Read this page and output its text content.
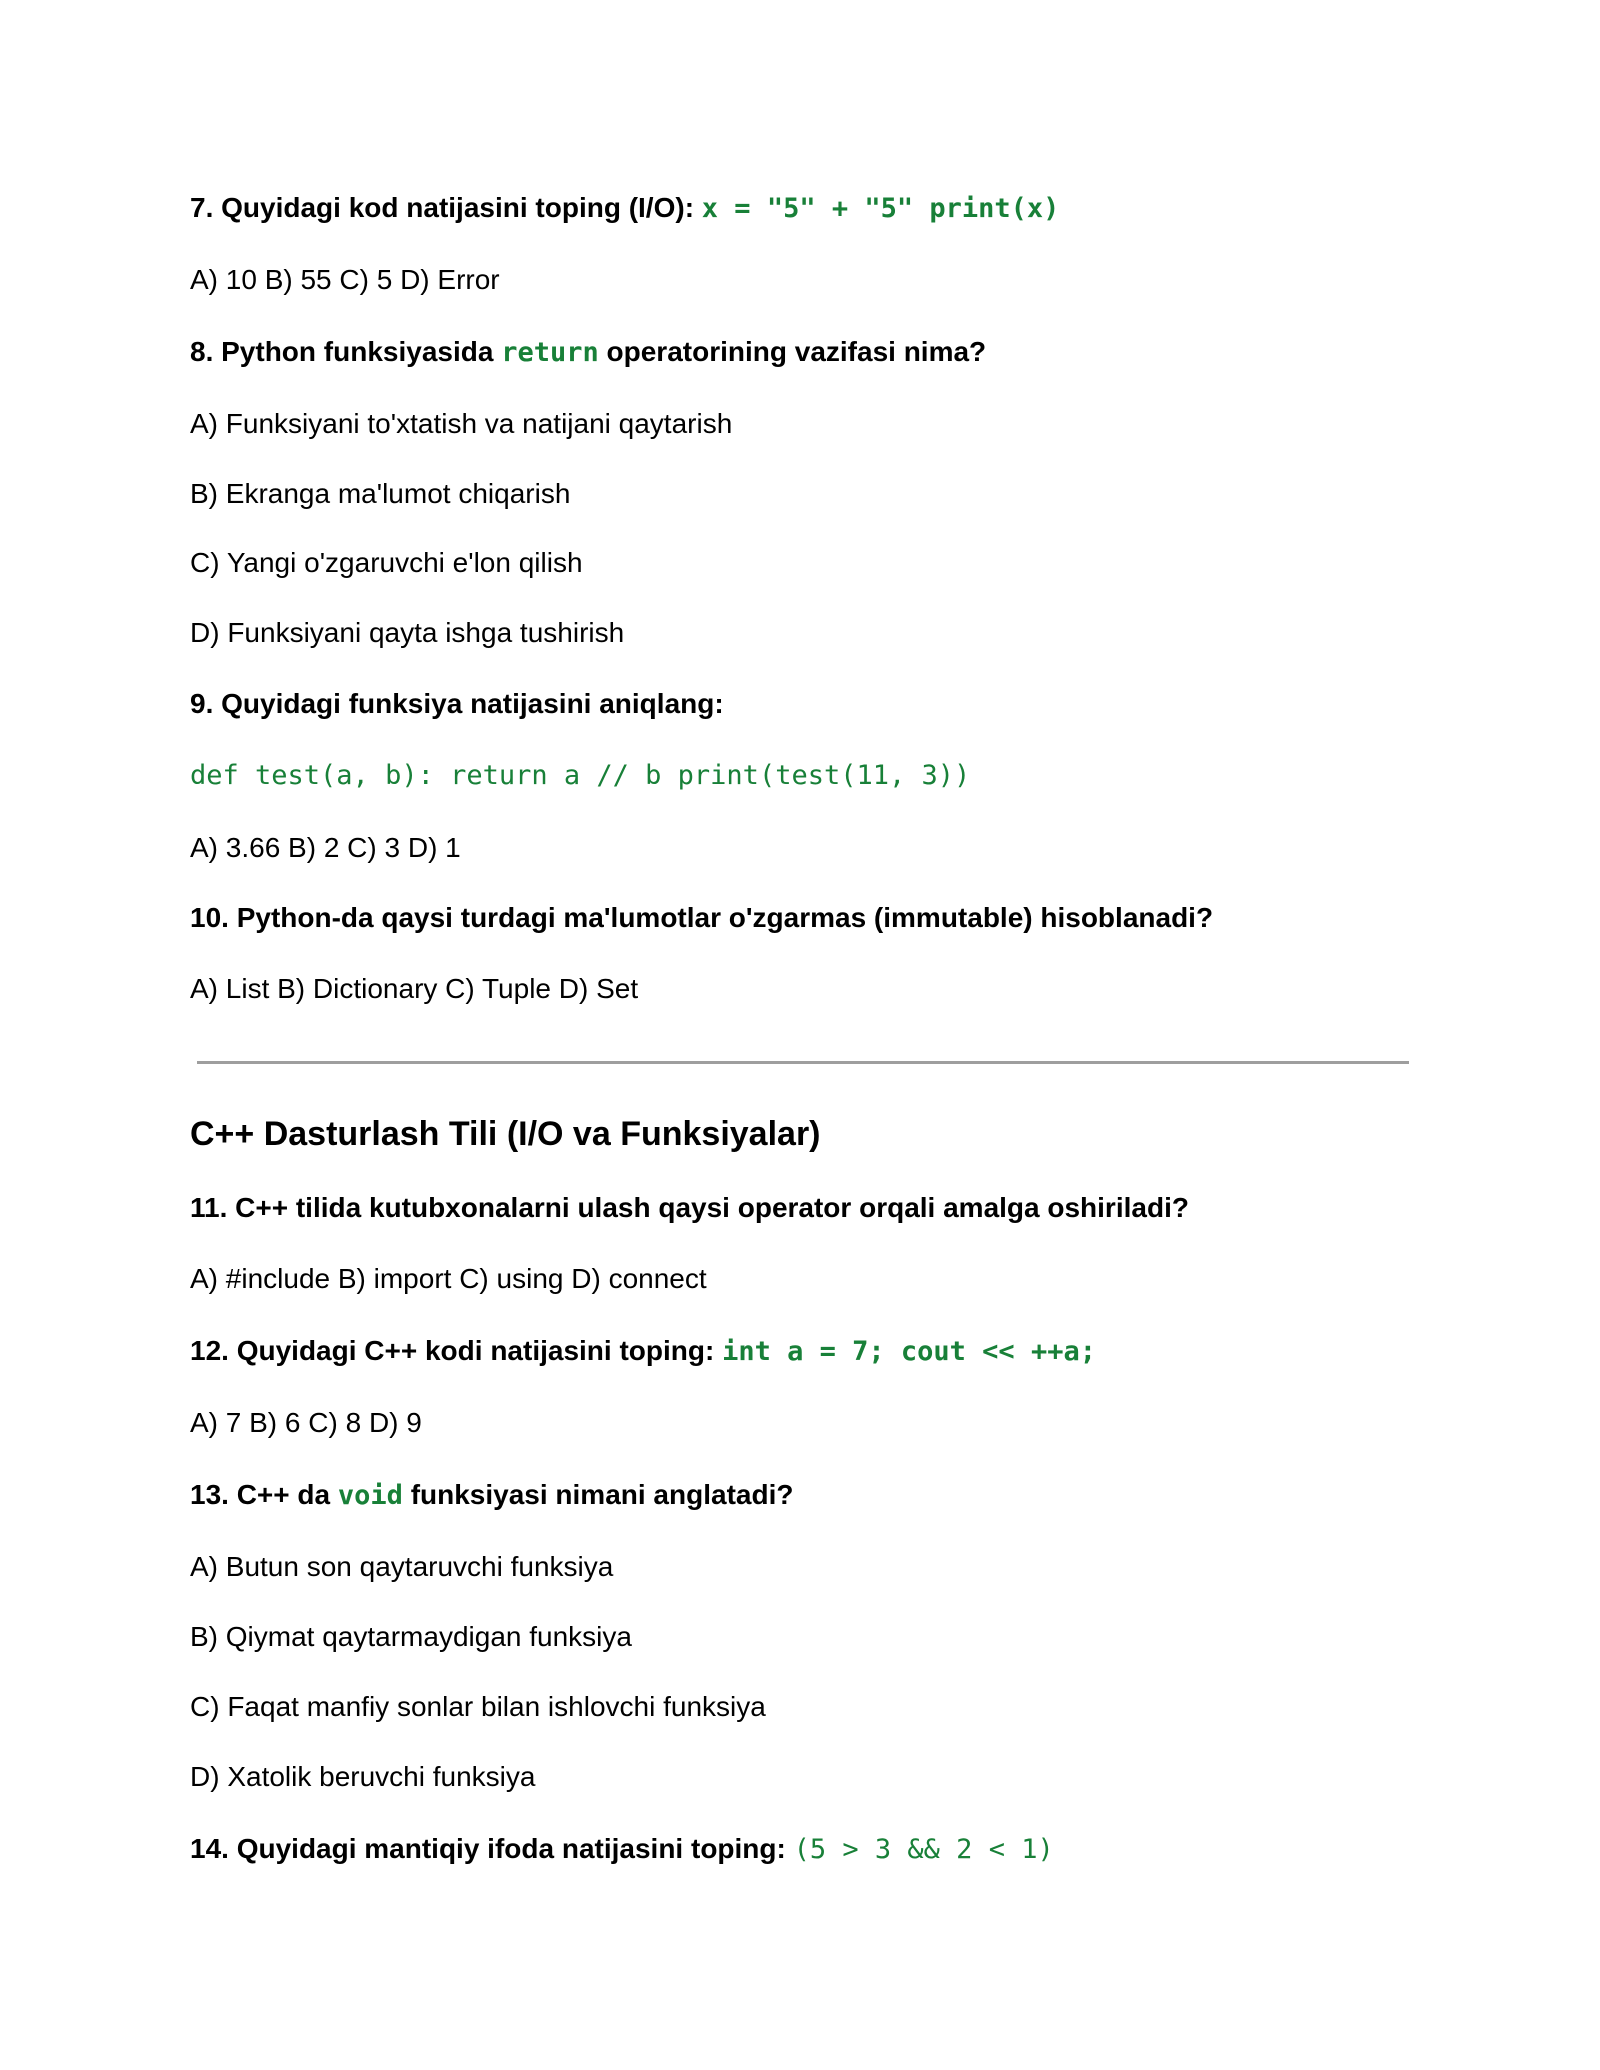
7. Quyidagi kod natijasini toping (I/O): x = "5" + "5" print(x)
A) 10 B) 55 C) 5 D) Error
8. Python funksiyasida return operatorining vazifasi nima?
A) Funksiyani to'xtatish va natijani qaytarish
B) Ekranga ma'lumot chiqarish
C) Yangi o'zgaruvchi e'lon qilish
D) Funksiyani qayta ishga tushirish
9. Quyidagi funksiya natijasini aniqlang:
def test(a, b): return a // b print(test(11, 3))
A) 3.66 B) 2 C) 3 D) 1
10. Python-da qaysi turdagi ma'lumotlar o'zgarmas (immutable) hisoblanadi?
A) List B) Dictionary C) Tuple D) Set
C++ Dasturlash Tili (I/O va Funksiyalar)
11. C++ tilida kutubxonalarni ulash qaysi operator orqali amalga oshiriladi?
A) #include B) import C) using D) connect
12. Quyidagi C++ kodi natijasini toping: int a = 7; cout << ++a;
A) 7 B) 6 C) 8 D) 9
13. C++ da void funksiyasi nimani anglatadi?
A) Butun son qaytaruvchi funksiya
B) Qiymat qaytarmaydigan funksiya
C) Faqat manfiy sonlar bilan ishlovchi funksiya
D) Xatolik beruvchi funksiya
14. Quyidagi mantiqiy ifoda natijasini toping: (5 > 3 && 2 < 1)
